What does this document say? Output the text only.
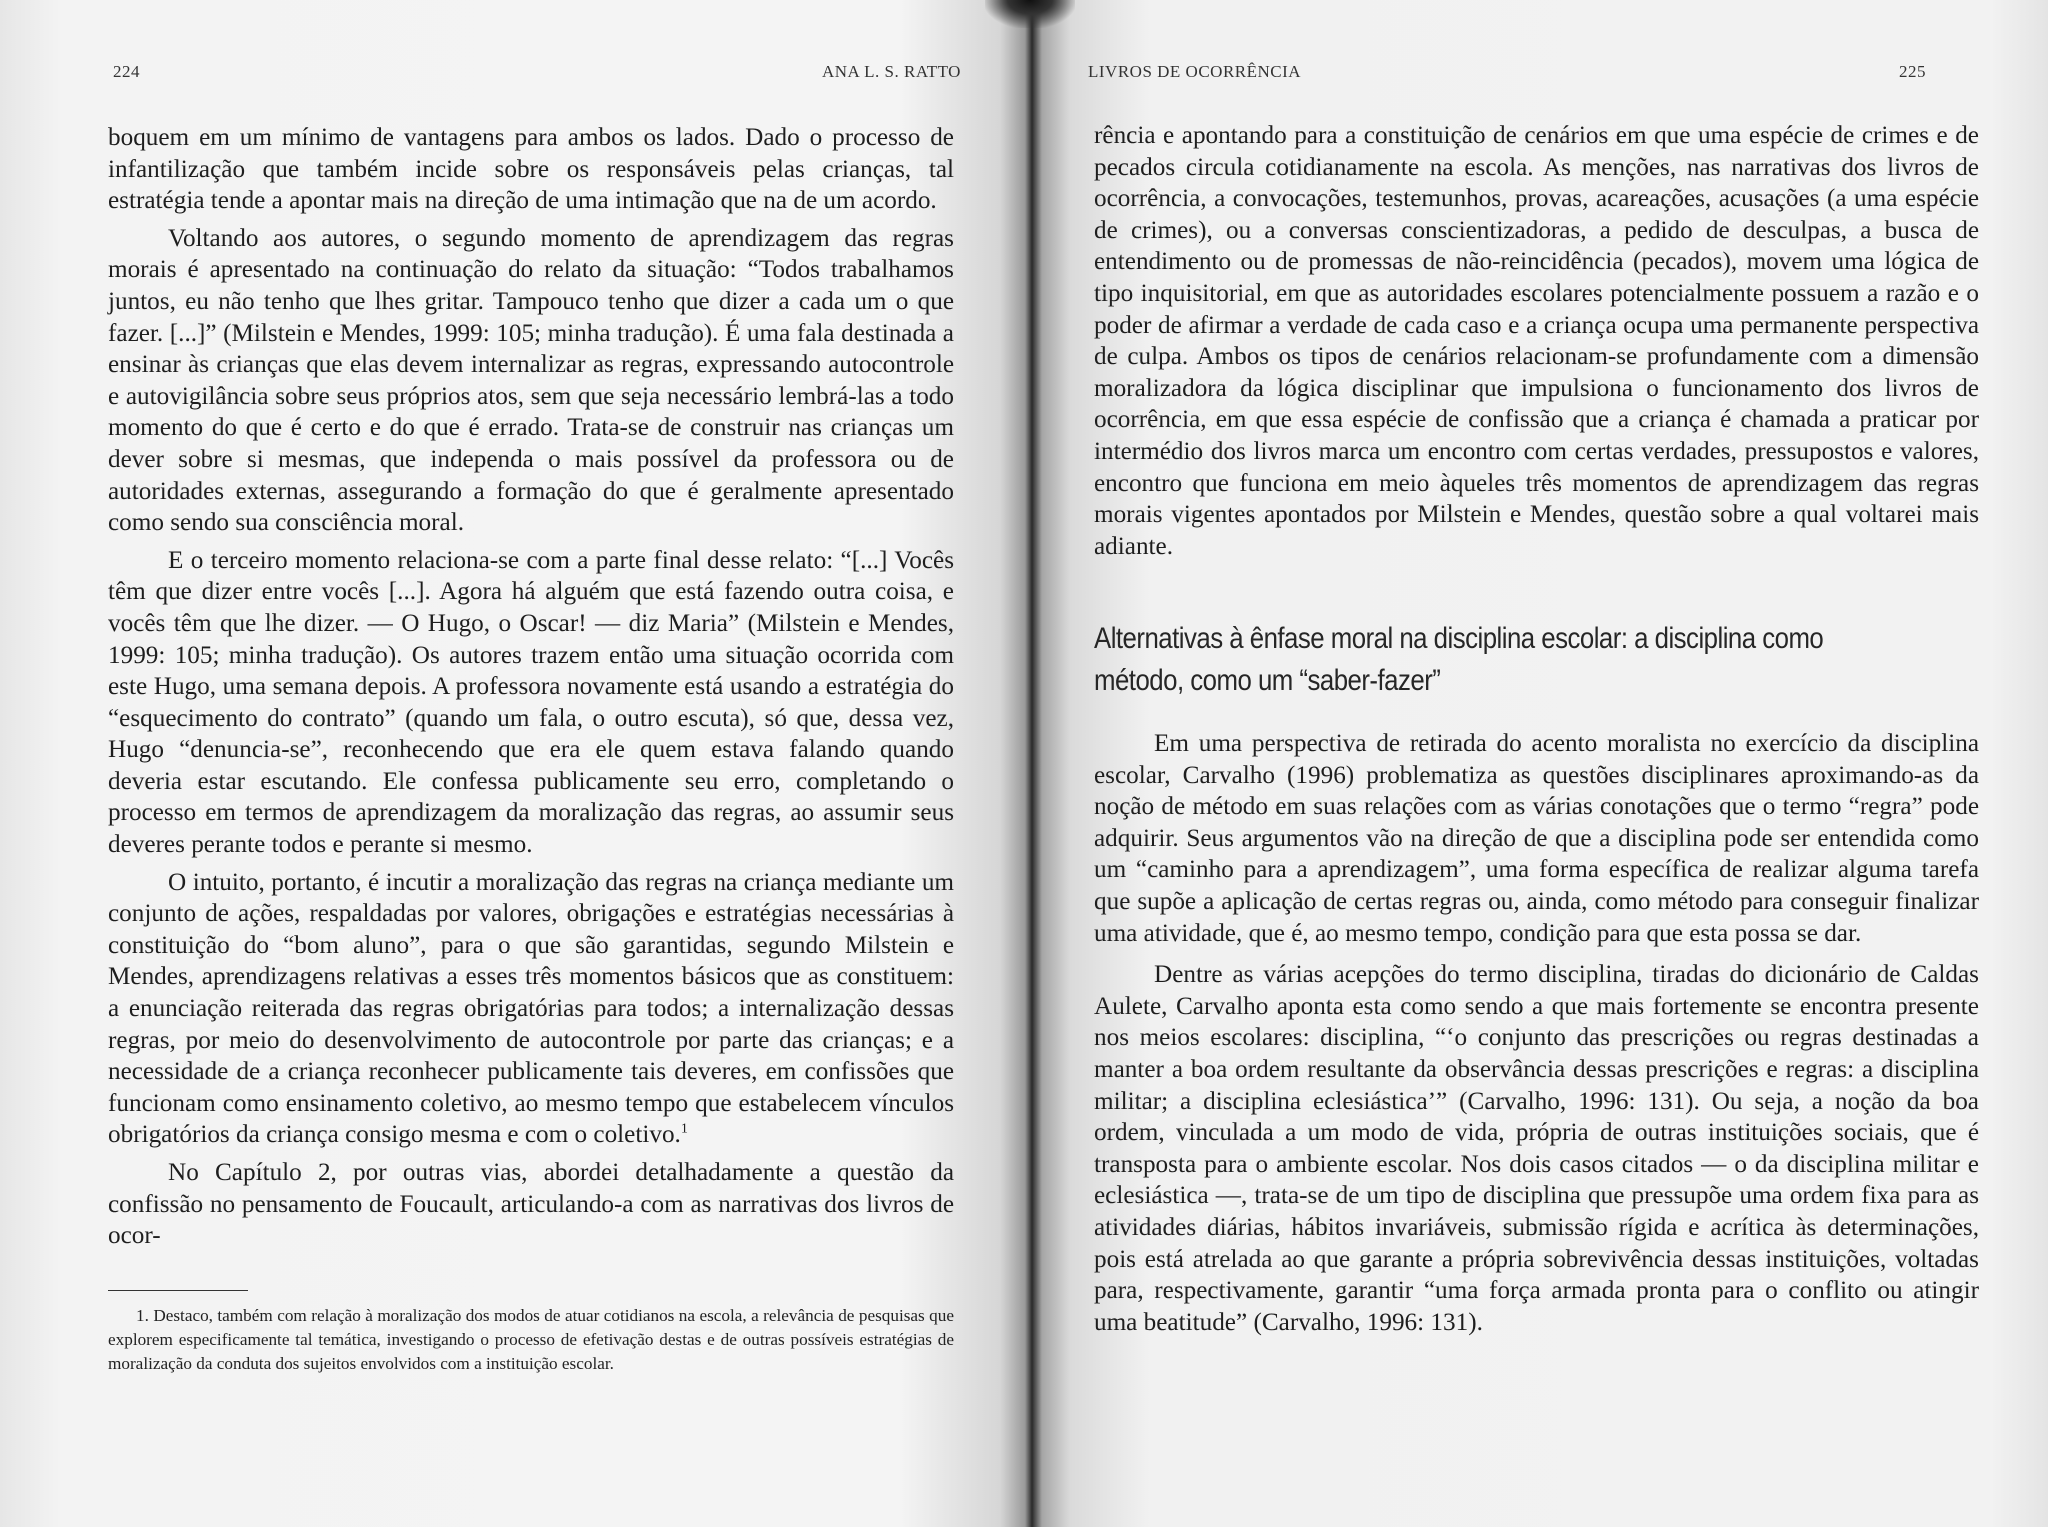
224	ANA L. S. RATTO

boquem em um mínimo de vantagens para ambos os lados. Dado o processo de infantilização que também incide sobre os responsáveis pelas crianças, tal estratégia tende a apontar mais na direção de uma intimação que na de um acordo.

Voltando aos autores, o segundo momento de aprendizagem das regras morais é apresentado na continuação do relato da situação: “Todos trabalhamos juntos, eu não tenho que lhes gritar. Tampouco tenho que dizer a cada um o que fazer. [...]” (Milstein e Mendes, 1999: 105; minha tradução). É uma fala destinada a ensinar às crianças que elas devem internalizar as regras, expressando autocontrole e autovigilância sobre seus próprios atos, sem que seja necessário lembrá-las a todo momento do que é certo e do que é errado. Trata-se de construir nas crianças um dever sobre si mesmas, que independa o mais possível da professora ou de autoridades externas, assegurando a formação do que é geralmente apresentado como sendo sua consciência moral.

E o terceiro momento relaciona-se com a parte final desse relato: “[...] Vocês têm que dizer entre vocês [...]. Agora há alguém que está fazendo outra coisa, e vocês têm que lhe dizer. — O Hugo, o Oscar! — diz Maria” (Milstein e Mendes, 1999: 105; minha tradução). Os autores trazem então uma situação ocorrida com este Hugo, uma semana depois. A professora novamente está usando a estratégia do “esquecimento do contrato” (quando um fala, o outro escuta), só que, dessa vez, Hugo “denuncia-se”, reconhecendo que era ele quem estava falando quando deveria estar escutando. Ele confessa publicamente seu erro, completando o processo em termos de aprendizagem da moralização das regras, ao assumir seus deveres perante todos e perante si mesmo.

O intuito, portanto, é incutir a moralização das regras na criança mediante um conjunto de ações, respaldadas por valores, obrigações e estratégias necessárias à constituição do “bom aluno”, para o que são garantidas, segundo Milstein e Mendes, aprendizagens relativas a esses três momentos básicos que as constituem: a enunciação reiterada das regras obrigatórias para todos; a internalização dessas regras, por meio do desenvolvimento de autocontrole por parte das crianças; e a necessidade de a criança reconhecer publicamente tais deveres, em confissões que funcionam como ensinamento coletivo, ao mesmo tempo que estabelecem vínculos obrigatórios da criança consigo mesma e com o coletivo.$^1$

No Capítulo 2, por outras vias, abordei detalhadamente a questão da confissão no pensamento de Foucault, articulando-a com as narrativas dos livros de ocor-

1. Destaco, também com relação à moralização dos modos de atuar cotidianos na escola, a relevância de pesquisas que explorem especificamente tal temática, investigando o processo de efetivação destas e de outras possíveis estratégias de moralização da conduta dos sujeitos envolvidos com a instituição escolar.
LIVROS DE OCORRÊNCIA	225

rência e apontando para a constituição de cenários em que uma espécie de crimes e de pecados circula cotidianamente na escola. As menções, nas narrativas dos livros de ocorrência, a convocações, testemunhos, provas, acareações, acusações (a uma espécie de crimes), ou a conversas conscientizadoras, a pedido de desculpas, a busca de entendimento ou de promessas de não-reincidência (pecados), movem uma lógica de tipo inquisitorial, em que as autoridades escolares potencialmente possuem a razão e o poder de afirmar a verdade de cada caso e a criança ocupa uma permanente perspectiva de culpa. Ambos os tipos de cenários relacionam-se profundamente com a dimensão moralizadora da lógica disciplinar que impulsiona o funcionamento dos livros de ocorrência, em que essa espécie de confissão que a criança é chamada a praticar por intermédio dos livros marca um encontro com certas verdades, pressupostos e valores, encontro que funciona em meio àqueles três momentos de aprendizagem das regras morais vigentes apontados por Milstein e Mendes, questão sobre a qual voltarei mais adiante.

Alternativas à ênfase moral na disciplina escolar: a disciplina como método, como um “saber-fazer”

Em uma perspectiva de retirada do acento moralista no exercício da disciplina escolar, Carvalho (1996) problematiza as questões disciplinares aproximando-as da noção de método em suas relações com as várias conotações que o termo “regra” pode adquirir. Seus argumentos vão na direção de que a disciplina pode ser entendida como um “caminho para a aprendizagem”, uma forma específica de realizar alguma tarefa que supõe a aplicação de certas regras ou, ainda, como método para conseguir finalizar uma atividade, que é, ao mesmo tempo, condição para que esta possa se dar.

Dentre as várias acepções do termo disciplina, tiradas do dicionário de Caldas Aulete, Carvalho aponta esta como sendo a que mais fortemente se encontra presente nos meios escolares: disciplina, “‘o conjunto das prescrições ou regras destinadas a manter a boa ordem resultante da observância dessas prescrições e regras: a disciplina militar; a disciplina eclesiástica’” (Carvalho, 1996: 131). Ou seja, a noção da boa ordem, vinculada a um modo de vida, própria de outras instituições sociais, que é transposta para o ambiente escolar. Nos dois casos citados — o da disciplina militar e eclesiástica —, trata-se de um tipo de disciplina que pressupõe uma ordem fixa para as atividades diárias, hábitos invariáveis, submissão rígida e acrítica às determinações, pois está atrelada ao que garante a própria sobrevivência dessas instituições, voltadas para, respectivamente, garantir “uma força armada pronta para o conflito ou atingir uma beatitude” (Carvalho, 1996: 131).
